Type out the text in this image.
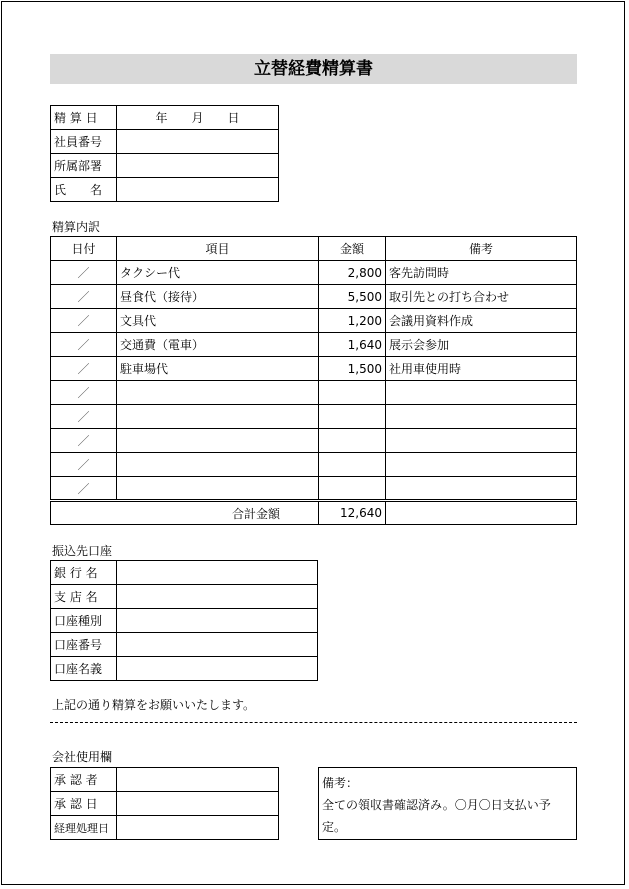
立替経費精算書
精 算 日	年　　月　　日
社員番号	
所属部署	
氏　　名	
精算内訳
日付	項目	金額	備考
／	タクシー代	2,800	客先訪問時
／	昼食代（接待）	5,500	取引先との打ち合わせ
／	文具代	1,200	会議用資料作成
／	交通費（電車）	1,640	展示会参加
／	駐車場代	1,500	社用車使用時
／			
／			
／			
／			
／			
合計金額		12,640	
振込先口座
銀 行 名	
支 店 名	
口座種別	
口座番号	
口座名義	
上記の通り精算をお願いいたします。
会社使用欄
承 認 者	
承 認 日	
経理処理日	
備考：
全ての領収書確認済み。〇月〇日支払い予定。
